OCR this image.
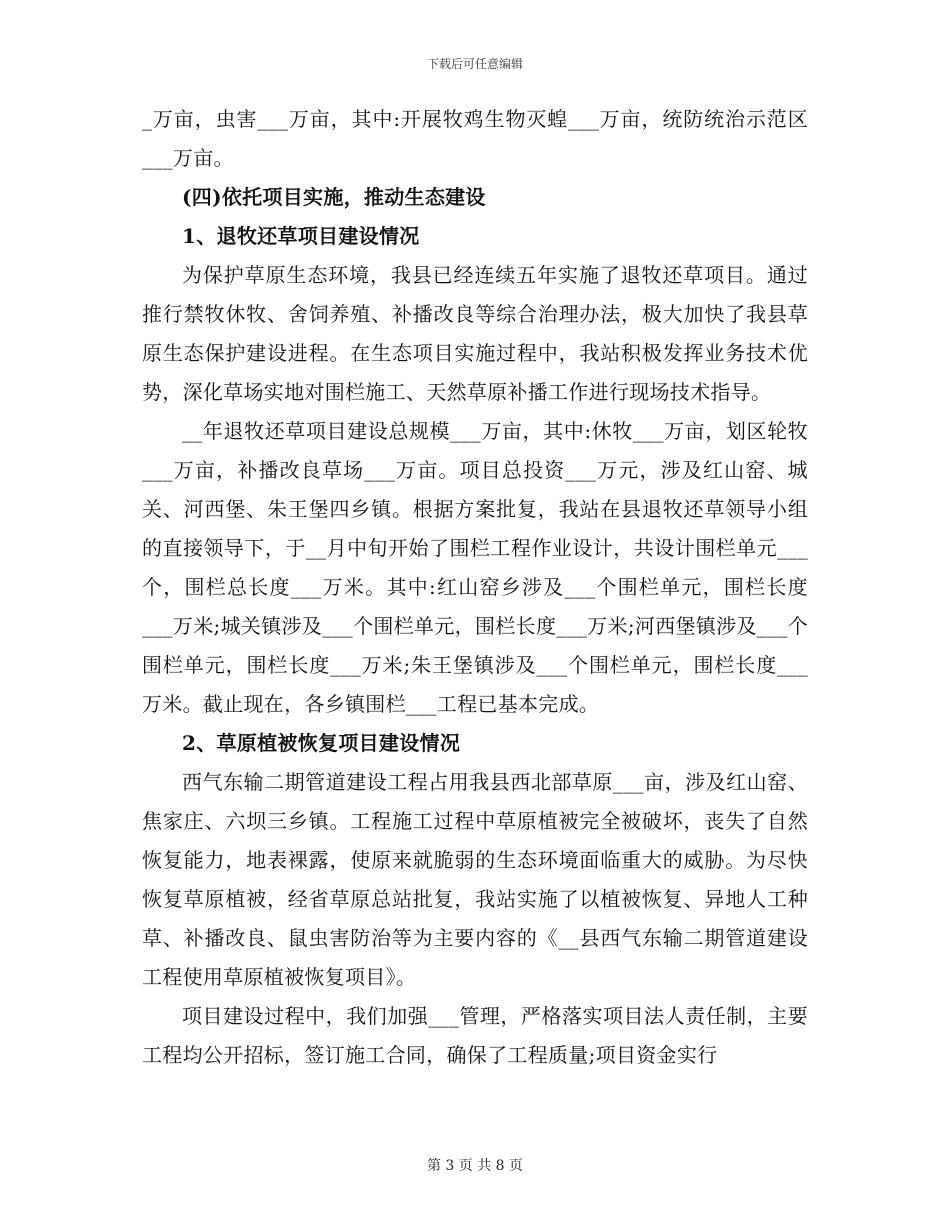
下载后可任意编辑

_万亩，虫害___万亩，其中:开展牧鸡生物灭蝗___万亩，统防统治示范区___万亩。

(四)依托项目实施，推动生态建设

1、退牧还草项目建设情况

为保护草原生态环境，我县已经连续五年实施了退牧还草项目。通过推行禁牧休牧、舍饲养殖、补播改良等综合治理办法，极大加快了我县草原生态保护建设进程。在生态项目实施过程中，我站积极发挥业务技术优势，深化草场实地对围栏施工、天然草原补播工作进行现场技术指导。

__年退牧还草项目建设总规模___万亩，其中:休牧___万亩，划区轮牧___万亩，补播改良草场___万亩。项目总投资___万元，涉及红山窑、城关、河西堡、朱王堡四乡镇。根据方案批复，我站在县退牧还草领导小组的直接领导下，于__月中旬开始了围栏工程作业设计，共设计围栏单元___个，围栏总长度___万米。其中:红山窑乡涉及___个围栏单元，围栏长度___万米;城关镇涉及___个围栏单元，围栏长度___万米;河西堡镇涉及___个围栏单元，围栏长度___万米;朱王堡镇涉及___个围栏单元，围栏长度___万米。截止现在，各乡镇围栏___工程已基本完成。

2、草原植被恢复项目建设情况

西气东输二期管道建设工程占用我县西北部草原___亩，涉及红山窑、焦家庄、六坝三乡镇。工程施工过程中草原植被完全被破坏，丧失了自然恢复能力，地表裸露，使原来就脆弱的生态环境面临重大的威胁。为尽快恢复草原植被，经省草原总站批复，我站实施了以植被恢复、异地人工种草、补播改良、鼠虫害防治等为主要内容的《__县西气东输二期管道建设工程使用草原植被恢复项目》。

项目建设过程中，我们加强___管理，严格落实项目法人责任制，主要工程均公开招标，签订施工合同，确保了工程质量;项目资金实行

第 3 页 共 8 页
